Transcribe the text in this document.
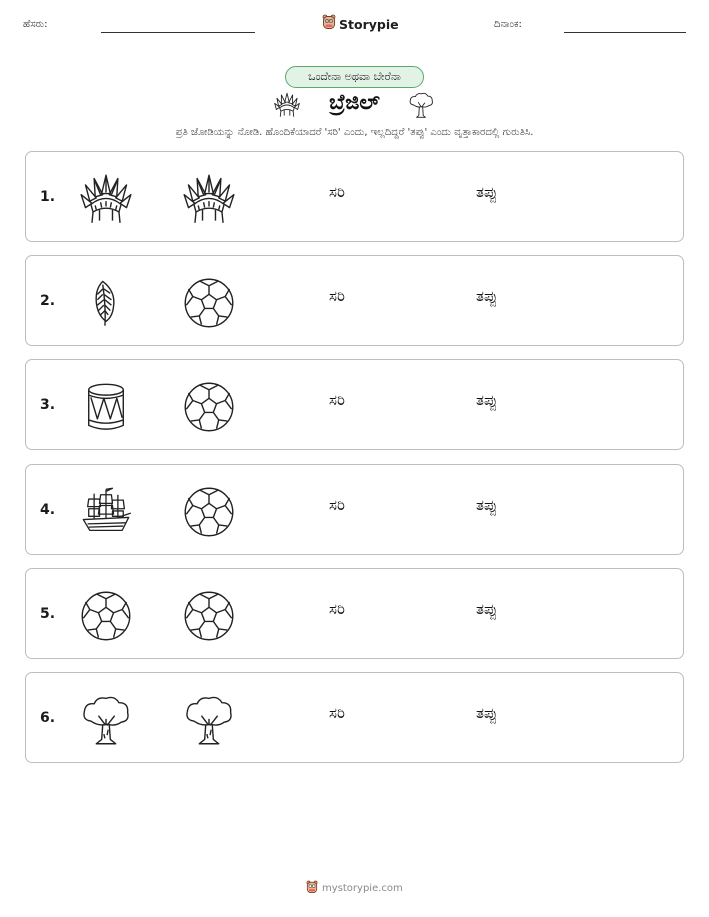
ಹೆಸರು:	Storypie	ದಿನಾಂಕ:
ಒಂದೇನಾ ಅಥವಾ ಬೇರೆನಾ
ಬ್ರೆಜಿಲ್
ಪ್ರತಿ ಜೋಡಿಯನ್ನು ನೋಡಿ. ಹೊಂದಿಕೆಯಾದರೆ 'ಸರಿ' ಎಂದು, ಇಲ್ಲದಿದ್ದರೆ 'ತಪ್ಪು' ಎಂದು ವೃತ್ತಾಕಾರದಲ್ಲಿ ಗುರುತಿಸಿ.
1.	ಸರಿ	ತಪ್ಪು
2.	ಸರಿ	ತಪ್ಪು
3.	ಸರಿ	ತಪ್ಪು
4.	ಸರಿ	ತಪ್ಪು
5.	ಸರಿ	ತಪ್ಪು
6.	ಸರಿ	ತಪ್ಪು
mystorypie.com
